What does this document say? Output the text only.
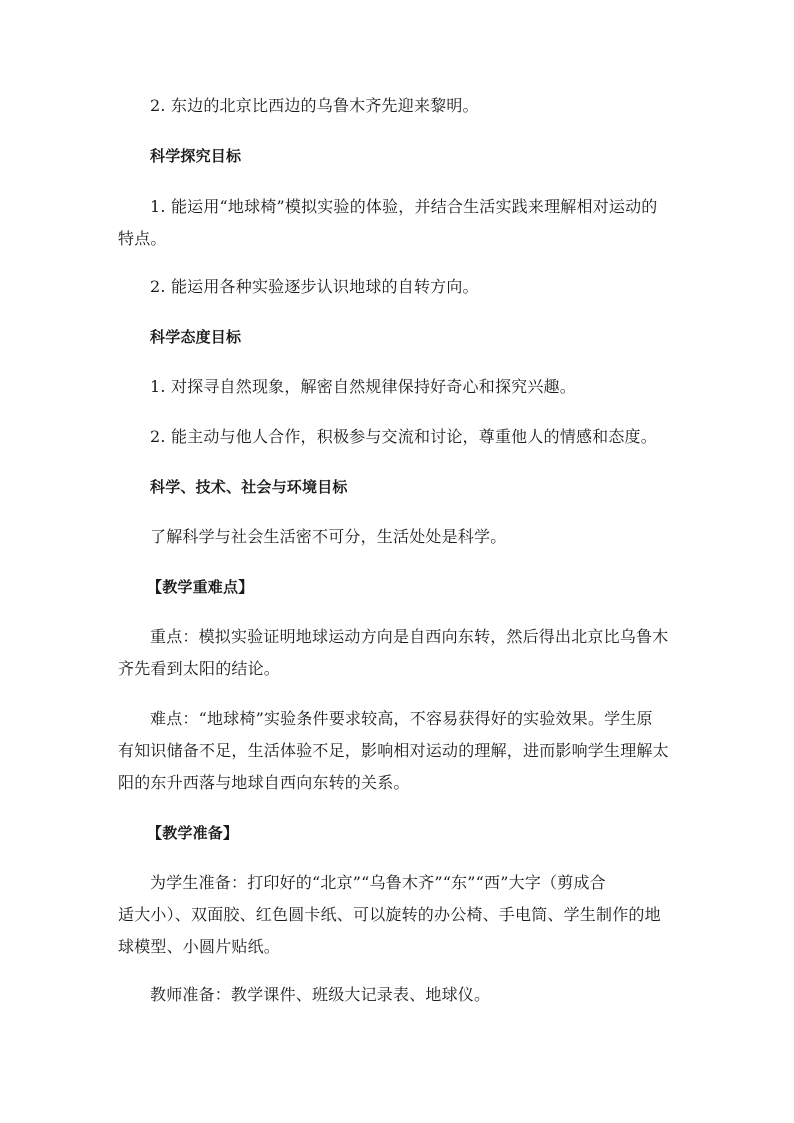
2. 东边的北京比西边的乌鲁木齐先迎来黎明。
科学探究目标
1. 能运用“地球椅”模拟实验的体验，并结合生活实践来理解相对运动的
特点。
2. 能运用各种实验逐步认识地球的自转方向。
科学态度目标
1. 对探寻自然现象，解密自然规律保持好奇心和探究兴趣。
2. 能主动与他人合作，积极参与交流和讨论，尊重他人的情感和态度。
科学、技术、社会与环境目标
了解科学与社会生活密不可分，生活处处是科学。
【教学重难点】
重点：模拟实验证明地球运动方向是自西向东转，然后得出北京比乌鲁木
齐先看到太阳的结论。
难点：“地球椅”实验条件要求较高，不容易获得好的实验效果。学生原
有知识储备不足，生活体验不足，影响相对运动的理解，进而影响学生理解太
阳的东升西落与地球自西向东转的关系。
【教学准备】
为学生准备：打印好的“北京”“乌鲁木齐”“东”“西”大字（剪成合
适大小）、双面胶、红色圆卡纸、可以旋转的办公椅、手电筒、学生制作的地
球模型、小圆片贴纸。
教师准备：教学课件、班级大记录表、地球仪。
